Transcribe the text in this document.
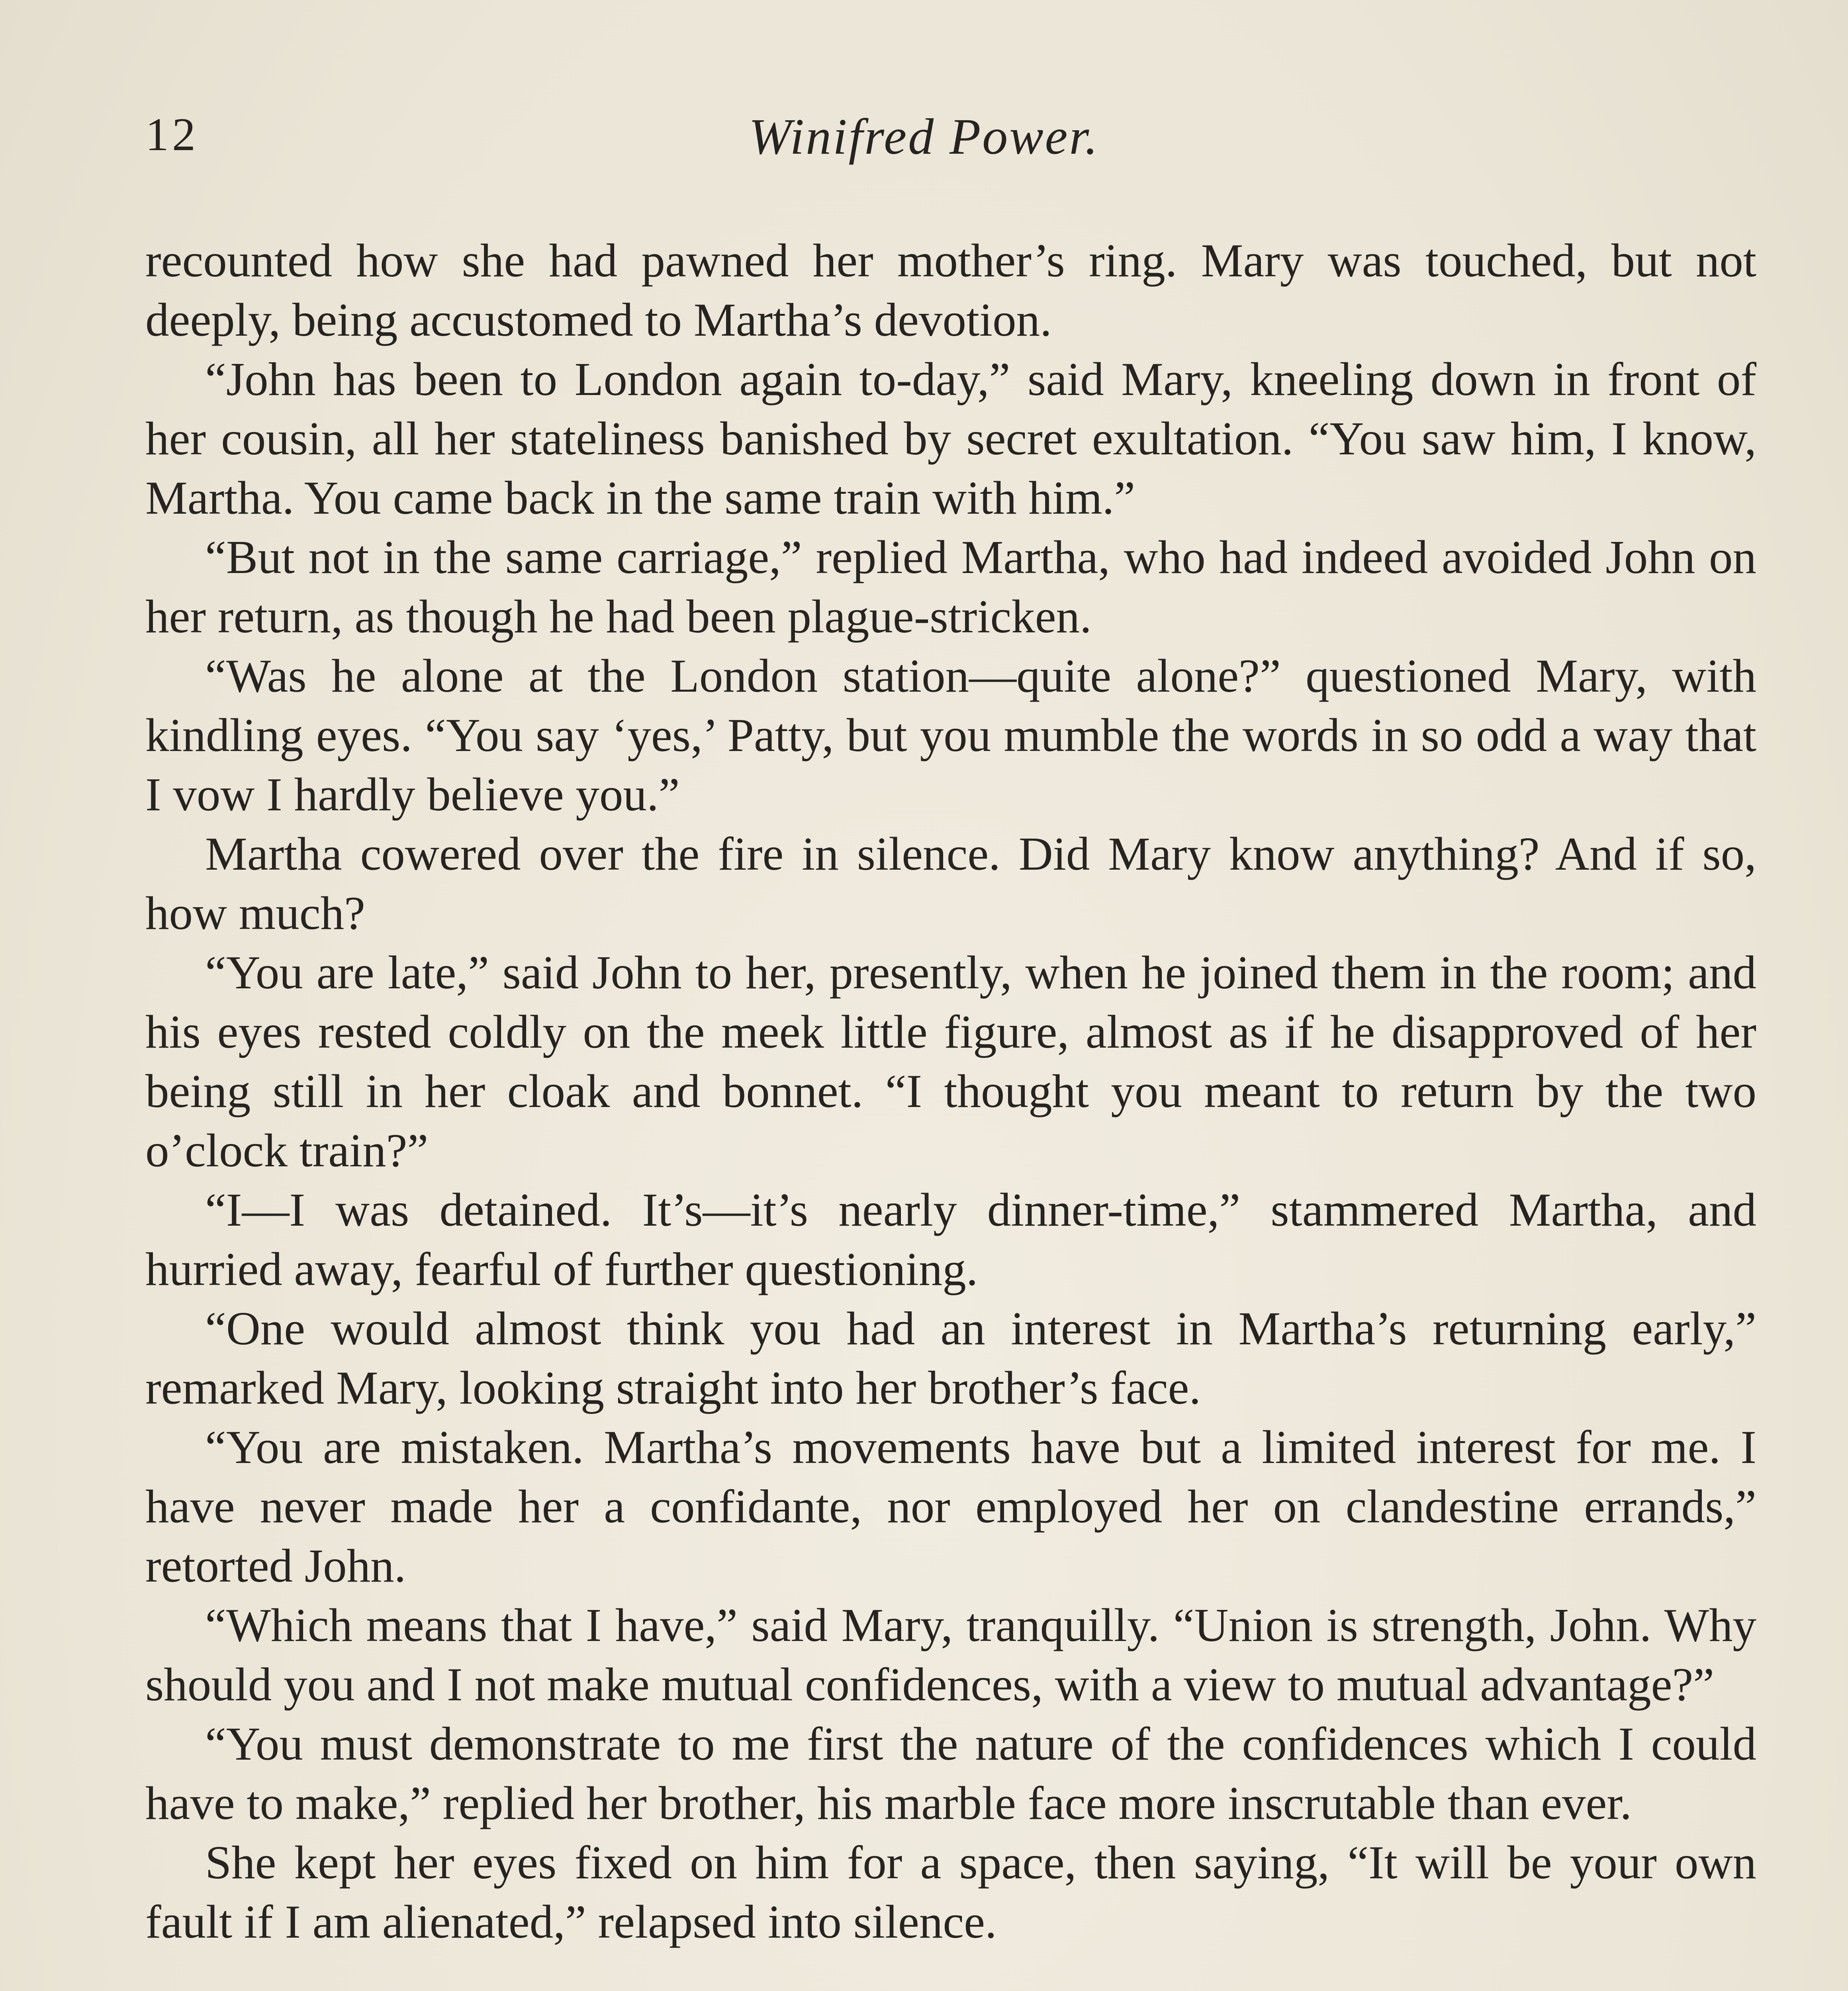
12	Winifred Power.

recounted how she had pawned her mother’s ring. Mary was touched, but not deeply, being accustomed to Martha’s devotion.

“John has been to London again to-day,” said Mary, kneeling down in front of her cousin, all her stateliness banished by secret exultation. “You saw him, I know, Martha. You came back in the same train with him.”

“But not in the same carriage,” replied Martha, who had indeed avoided John on her return, as though he had been plague-stricken.

“Was he alone at the London station—quite alone?” questioned Mary, with kindling eyes. “You say ‘yes,’ Patty, but you mumble the words in so odd a way that I vow I hardly believe you.”

Martha cowered over the fire in silence. Did Mary know anything? And if so, how much?

“You are late,” said John to her, presently, when he joined them in the room; and his eyes rested coldly on the meek little figure, almost as if he disapproved of her being still in her cloak and bonnet. “I thought you meant to return by the two o’clock train?”

“I—I was detained. It’s—it’s nearly dinner-time,” stammered Martha, and hurried away, fearful of further questioning.

“One would almost think you had an interest in Martha’s returning early,” remarked Mary, looking straight into her brother’s face.

“You are mistaken. Martha’s movements have but a limited interest for me. I have never made her a confidante, nor employed her on clandestine errands,” retorted John.

“Which means that I have,” said Mary, tranquilly. “Union is strength, John. Why should you and I not make mutual confidences, with a view to mutual advantage?”

“You must demonstrate to me first the nature of the confidences which I could have to make,” replied her brother, his marble face more inscrutable than ever.

She kept her eyes fixed on him for a space, then saying, “It will be your own fault if I am alienated,” relapsed into silence.
